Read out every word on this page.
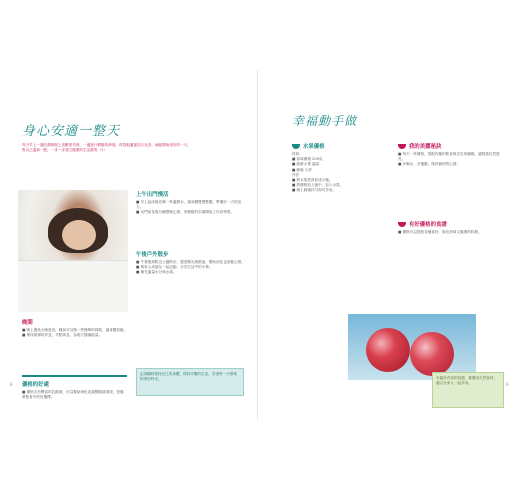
身心安適一整天
每天早上一邊吃優格配上喜歡的早餐，一邊進行輕鬆的伸展，再搭配適當的日光浴，就能開始美好的一天。
對自己溫和一點，一步一步建立健康的生活節奏（1）
上午出門慢活
■ 早上起床後先喝一杯溫開水，讓身體慢慢甦醒，準備好一天的活力。
■ 出門前花幾分鐘整理心情，用輕鬆的步調開始工作或學習。
午後戶外散步
■ 午餐後到附近公園散步，感受陽光與微風，幫助消化也放鬆心情。
■ 與家人或朋友一起活動，分享生活中的小事。
■ 補充適量水分與水果。
晚間
■ 晚上避免太晚進食，睡前可以做一些簡單的伸展，讓身體放鬆。
■ 保持規律的作息，早點休息，為明天儲備能量。
優格的好處
■ 優格含有豐富的乳酸菌，可以幫助消化並調整腸道環境，是健康飲食中的好選擇。
記得隨時善待自己的身體，保持平衡的生活，享受每一天帶來的美好時光。
8
幸福動手做
水果優格
材料：
■ 原味優格 200克
■ 新鮮水果 適量
■ 蜂蜜 少許
作法：
■ 將水果洗淨切成小塊。
■ 將優格放入碗中，加入水果。
■ 淋上蜂蜜拌勻即可享用。
我的美麗秘訣
■ 每天一杯優格，搭配均衡的飲食與充足的睡眠，讓肌膚自然透亮。
■ 多喝水、多運動，保持愉快的心情。
有好優格的食譜
■ 優格可以搭配各種食材，做出美味又健康的料理。
本篇所介紹的食譜，都選用天然食材，適合全家人一起享用。	9
